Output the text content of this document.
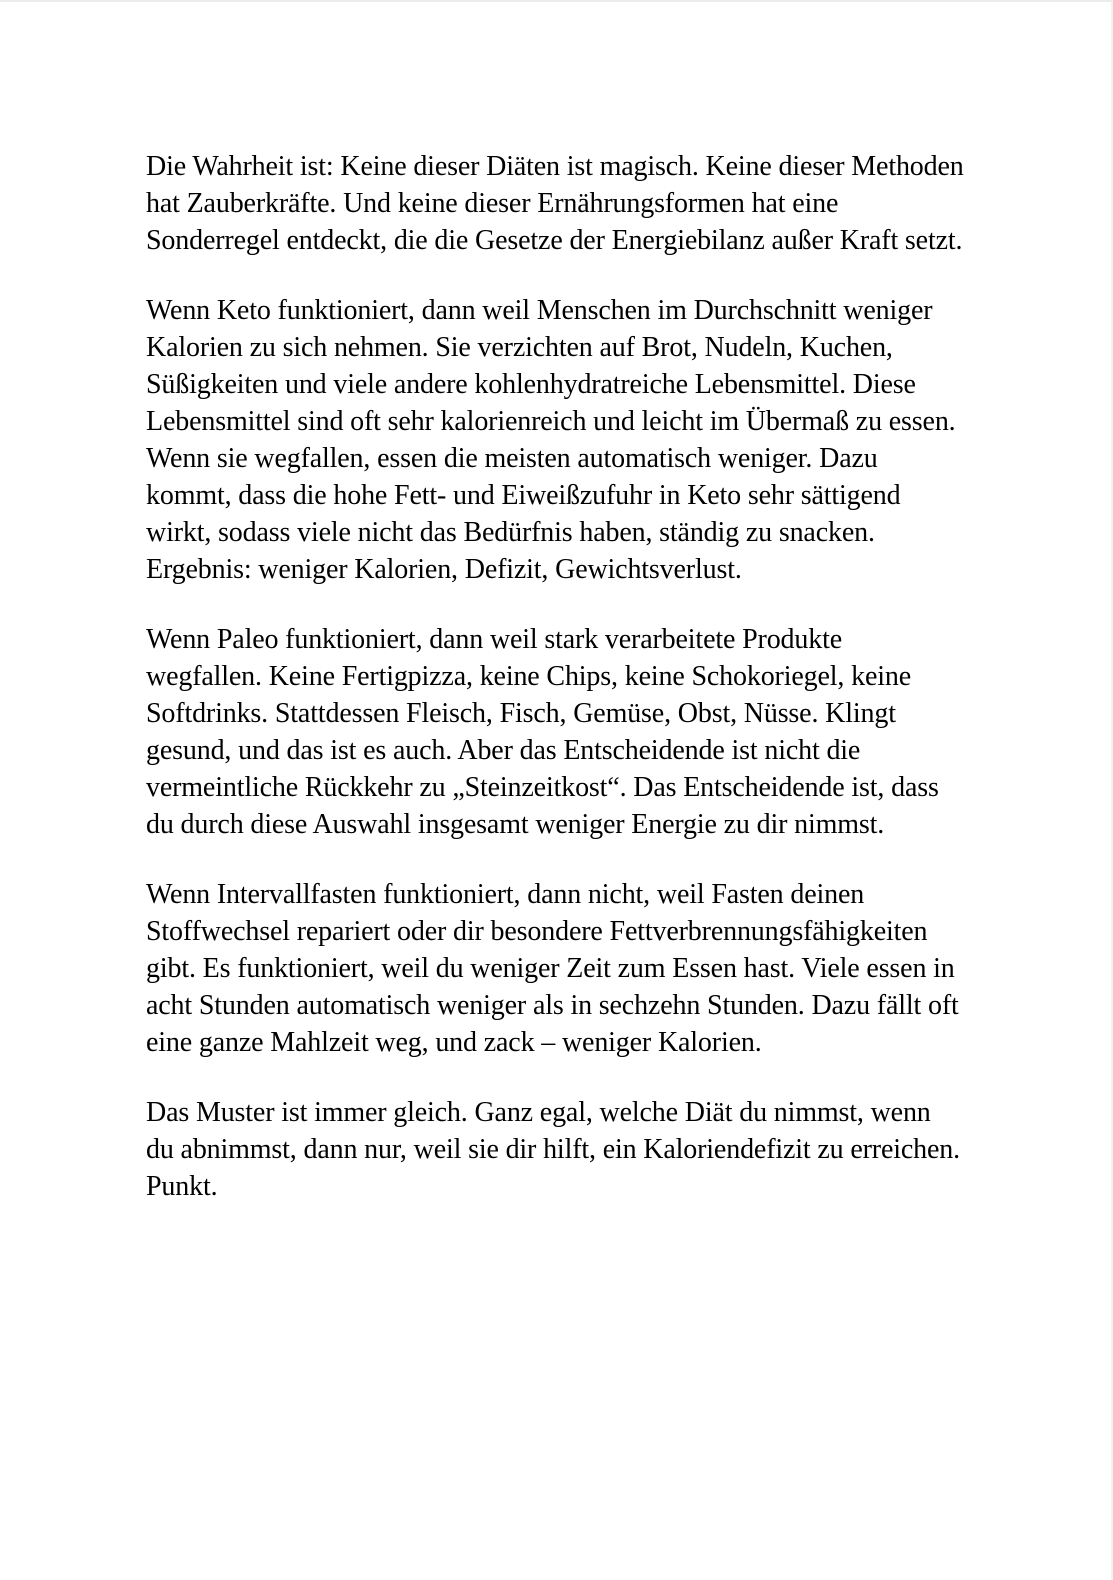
Die Wahrheit ist: Keine dieser Diäten ist magisch. Keine dieser Methoden hat Zauberkräfte. Und keine dieser Ernährungsformen hat eine Sonderregel entdeckt, die die Gesetze der Energiebilanz außer Kraft setzt.

Wenn Keto funktioniert, dann weil Menschen im Durchschnitt weniger Kalorien zu sich nehmen. Sie verzichten auf Brot, Nudeln, Kuchen, Süßigkeiten und viele andere kohlenhydratreiche Lebensmittel. Diese Lebensmittel sind oft sehr kalorienreich und leicht im Übermaß zu essen. Wenn sie wegfallen, essen die meisten automatisch weniger. Dazu kommt, dass die hohe Fett- und Eiweißzufuhr in Keto sehr sättigend wirkt, sodass viele nicht das Bedürfnis haben, ständig zu snacken. Ergebnis: weniger Kalorien, Defizit, Gewichtsverlust.

Wenn Paleo funktioniert, dann weil stark verarbeitete Produkte wegfallen. Keine Fertigpizza, keine Chips, keine Schokoriegel, keine Softdrinks. Stattdessen Fleisch, Fisch, Gemüse, Obst, Nüsse. Klingt gesund, und das ist es auch. Aber das Entscheidende ist nicht die vermeintliche Rückkehr zu „Steinzeitkost“. Das Entscheidende ist, dass du durch diese Auswahl insgesamt weniger Energie zu dir nimmst.

Wenn Intervallfasten funktioniert, dann nicht, weil Fasten deinen Stoffwechsel repariert oder dir besondere Fettverbrennungsfähigkeiten gibt. Es funktioniert, weil du weniger Zeit zum Essen hast. Viele essen in acht Stunden automatisch weniger als in sechzehn Stunden. Dazu fällt oft eine ganze Mahlzeit weg, und zack – weniger Kalorien.

Das Muster ist immer gleich. Ganz egal, welche Diät du nimmst, wenn du abnimmst, dann nur, weil sie dir hilft, ein Kaloriendefizit zu erreichen. Punkt.
